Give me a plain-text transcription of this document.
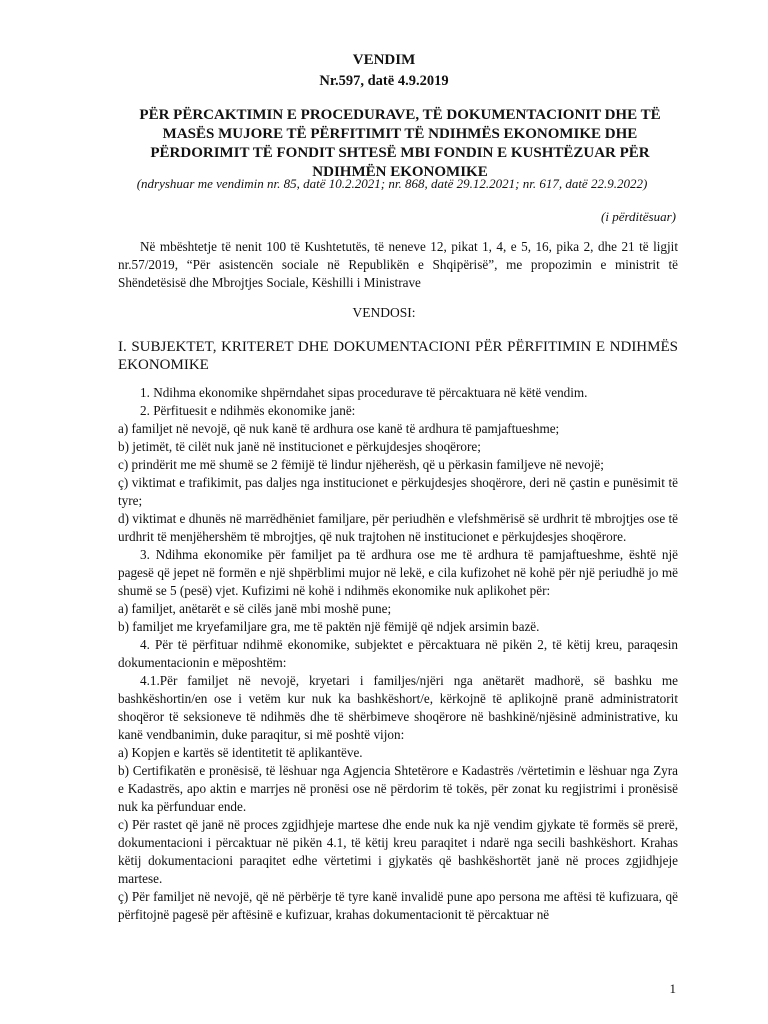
VENDIM
Nr.597, datë 4.9.2019
PËR PËRCAKTIMIN E PROCEDURAVE, TË DOKUMENTACIONIT DHE TË
MASËS MUJORE TË PËRFITIMIT TË NDIHMËS EKONOMIKE DHE
PËRDORIMIT TË FONDIT SHTESË MBI FONDIN E KUSHTËZUAR PËR
NDIHMËN EKONOMIKE
(ndryshuar me vendimin nr. 85, datë 10.2.2021; nr. 868, datë 29.12.2021; nr. 617, datë 22.9.2022)
(i përditësuar)
Në mbështetje të nenit 100 të Kushtetutës, të neneve 12, pikat 1, 4, e 5, 16, pika 2, dhe 21 të ligjit nr.57/2019, “Për asistencën sociale në Republikën e Shqipërisë”, me propozimin e ministrit të Shëndetësisë dhe Mbrojtjes Sociale, Këshilli i Ministrave
VENDOSI:
I. SUBJEKTET, KRITERET DHE DOKUMENTACIONI PËR PËRFITIMIN E NDIHMËS EKONOMIKE

1. Ndihma ekonomike shpërndahet sipas procedurave të përcaktuara në këtë vendim.

2. Përfituesit e ndihmës ekonomike janë:

a) familjet në nevojë, që nuk kanë të ardhura ose kanë të ardhura të pamjaftueshme;

b) jetimët, të cilët nuk janë në institucionet e përkujdesjes shoqërore;

c) prindërit me më shumë se 2 fëmijë të lindur njëherësh, që u përkasin familjeve në nevojë;

ç) viktimat e trafikimit, pas daljes nga institucionet e përkujdesjes shoqërore, deri në çastin e punësimit të tyre;

d) viktimat e dhunës në marrëdhëniet familjare, për periudhën e vlefshmërisë së urdhrit të mbrojtjes ose të urdhrit të menjëhershëm të mbrojtjes, që nuk trajtohen në institucionet e përkujdesjes shoqërore.

3. Ndihma ekonomike për familjet pa të ardhura ose me të ardhura të pamjaftueshme, është një pagesë që jepet në formën e një shpërblimi mujor në lekë, e cila kufizohet në kohë për një periudhë jo më shumë se 5 (pesë) vjet. Kufizimi në kohë i ndihmës ekonomike nuk aplikohet për:

a) familjet, anëtarët e së cilës janë mbi moshë pune;

b) familjet me kryefamiljare gra, me të paktën një fëmijë që ndjek arsimin bazë.

4. Për të përfituar ndihmë ekonomike, subjektet e përcaktuara në pikën 2, të këtij kreu, paraqesin dokumentacionin e mëposhtëm:

4.1.Për familjet në nevojë, kryetari i familjes/njëri nga anëtarët madhorë, së bashku me bashkëshortin/en ose i vetëm kur nuk ka bashkëshort/e, kërkojnë të aplikojnë pranë administratorit shoqëror të seksioneve të ndihmës dhe të shërbimeve shoqërore në bashkinë/njësinë administrative, ku kanë vendbanimin, duke paraqitur, si më poshtë vijon:

a) Kopjen e kartës së identitetit të aplikantëve.

b) Certifikatën e pronësisë, të lëshuar nga Agjencia Shtetërore e Kadastrës /vërtetimin e lëshuar nga Zyra e Kadastrës, apo aktin e marrjes në pronësi ose në përdorim të tokës, për zonat ku regjistrimi i pronësisë nuk ka përfunduar ende.

c) Për rastet që janë në proces zgjidhjeje martese dhe ende nuk ka një vendim gjykate të formës së prerë, dokumentacioni i përcaktuar në pikën 4.1, të këtij kreu paraqitet i ndarë nga secili bashkëshort. Krahas këtij dokumentacioni paraqitet edhe vërtetimi i gjykatës që bashkëshortët janë në proces zgjidhjeje martese.

ç) Për familjet në nevojë, që në përbërje të tyre kanë invalidë pune apo persona me aftësi të kufizuara, që përfitojnë pagesë për aftësinë e kufizuar, krahas dokumentacionit të përcaktuar në

1
